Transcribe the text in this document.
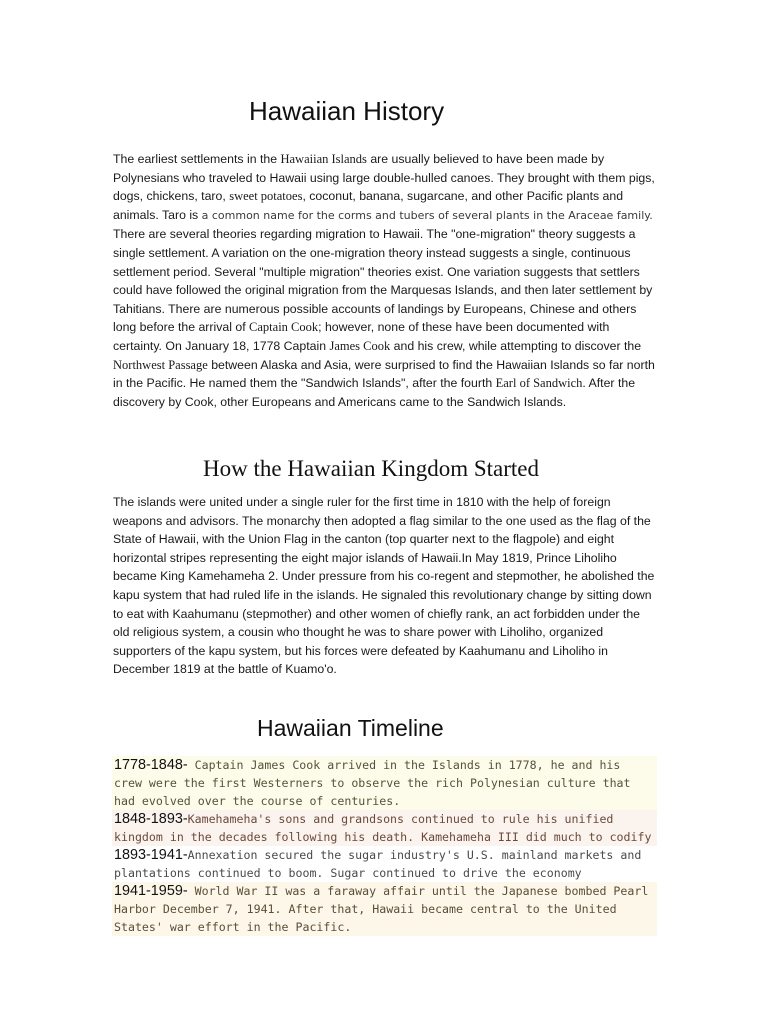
Hawaiian History

The earliest settlements in the Hawaiian Islands are usually believed to have been made by Polynesians who traveled to Hawaii using large double-hulled canoes. They brought with them pigs, dogs, chickens, taro, sweet potatoes, coconut, banana, sugarcane, and other Pacific plants and animals. Taro is a common name for the corms and tubers of several plants in the Araceae family. There are several theories regarding migration to Hawaii. The "one-migration" theory suggests a single settlement. A variation on the one-migration theory instead suggests a single, continuous settlement period. Several "multiple migration" theories exist. One variation suggests that settlers could have followed the original migration from the Marquesas Islands, and then later settlement by Tahitians. There are numerous possible accounts of landings by Europeans, Chinese and others long before the arrival of Captain Cook; however, none of these have been documented with certainty. On January 18, 1778 Captain James Cook and his crew, while attempting to discover the Northwest Passage between Alaska and Asia, were surprised to find the Hawaiian Islands so far north in the Pacific. He named them the "Sandwich Islands", after the fourth Earl of Sandwich. After the discovery by Cook, other Europeans and Americans came to the Sandwich Islands.

How the Hawaiian Kingdom Started

The islands were united under a single ruler for the first time in 1810 with the help of foreign weapons and advisors. The monarchy then adopted a flag similar to the one used as the flag of the State of Hawaii, with the Union Flag in the canton (top quarter next to the flagpole) and eight horizontal stripes representing the eight major islands of Hawaii.In May 1819, Prince Liholiho became King Kamehameha 2. Under pressure from his co-regent and stepmother, he abolished the kapu system that had ruled life in the islands. He signaled this revolutionary change by sitting down to eat with Kaahumanu (stepmother) and other women of chiefly rank, an act forbidden under the old religious system, a cousin who thought he was to share power with Liholiho, organized supporters of the kapu system, but his forces were defeated by Kaahumanu and Liholiho in December 1819 at the battle of Kuamo'o.

Hawaiian Timeline

1778-1848- Captain James Cook arrived in the Islands in 1778, he and his crew were the first Westerners to observe the rich Polynesian culture that had evolved over the course of centuries.

1848-1893-Kamehameha's sons and grandsons continued to rule his unified kingdom in the decades following his death. Kamehameha III did much to codify

1893-1941-Annexation secured the sugar industry's U.S. mainland markets and plantations continued to boom. Sugar continued to drive the economy

1941-1959- World War II was a faraway affair until the Japanese bombed Pearl Harbor December 7, 1941. After that, Hawaii became central to the United States' war effort in the Pacific.
